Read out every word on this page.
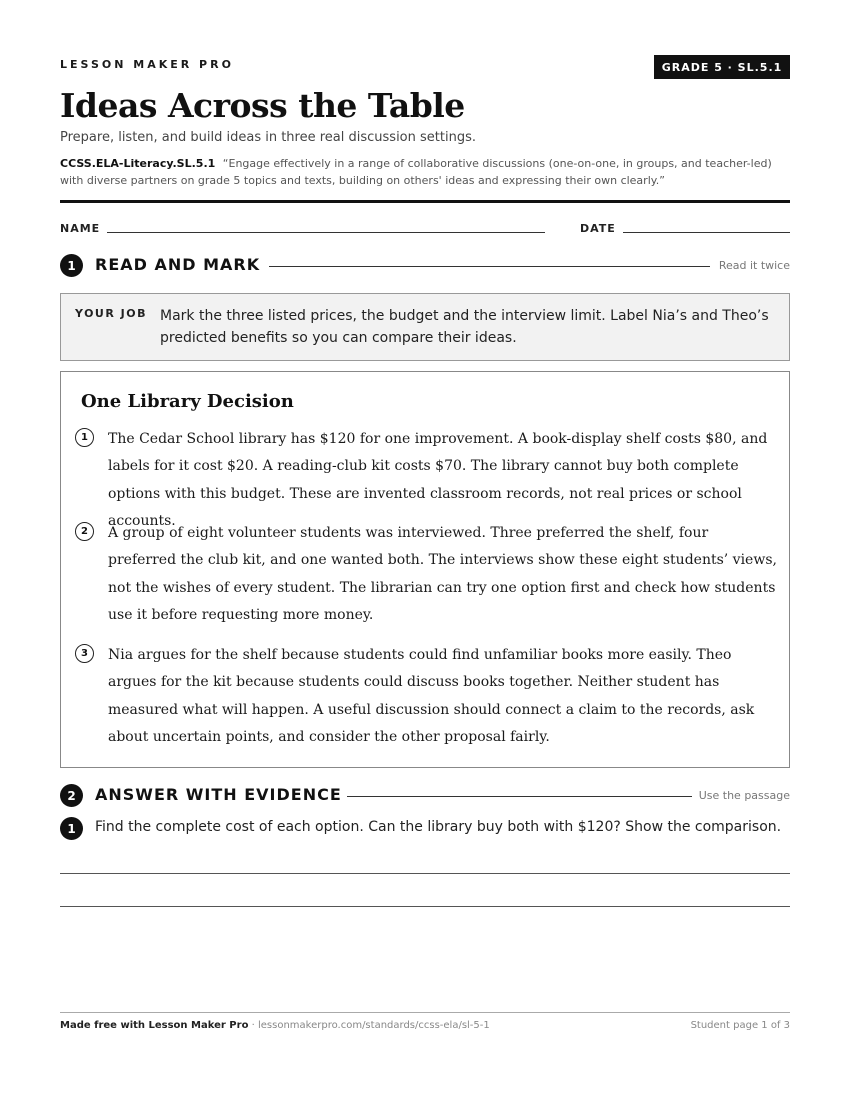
LESSON MAKER PRO	GRADE 5 · SL.5.1
Ideas Across the Table
Prepare, listen, and build ideas in three real discussion settings.
CCSS.ELA-Literacy.SL.5.1 “Engage effectively in a range of collaborative discussions (one-on-one, in groups, and teacher-led) with diverse partners on grade 5 topics and texts, building on others' ideas and expressing their own clearly.”
NAME	DATE
1	READ AND MARK	Read it twice
YOUR JOB Mark the three listed prices, the budget and the interview limit. Label Nia’s and Theo’s predicted benefits so you can compare their ideas.
One Library Decision
1	The Cedar School library has $120 for one improvement. A book-display shelf costs $80, and labels for it cost $20. A reading-club kit costs $70. The library cannot buy both complete options with this budget. These are invented classroom records, not real prices or school accounts.
2	A group of eight volunteer students was interviewed. Three preferred the shelf, four preferred the club kit, and one wanted both. The interviews show these eight students’ views, not the wishes of every student. The librarian can try one option first and check how students use it before requesting more money.
3	Nia argues for the shelf because students could find unfamiliar books more easily. Theo argues for the kit because students could discuss books together. Neither student has measured what will happen. A useful discussion should connect a claim to the records, ask about uncertain points, and consider the other proposal fairly.
2	ANSWER WITH EVIDENCE	Use the passage
1	Find the complete cost of each option. Can the library buy both with $120? Show the comparison.
Made free with Lesson Maker Pro · lessonmakerpro.com/standards/ccss-ela/sl-5-1	Student page 1 of 3
